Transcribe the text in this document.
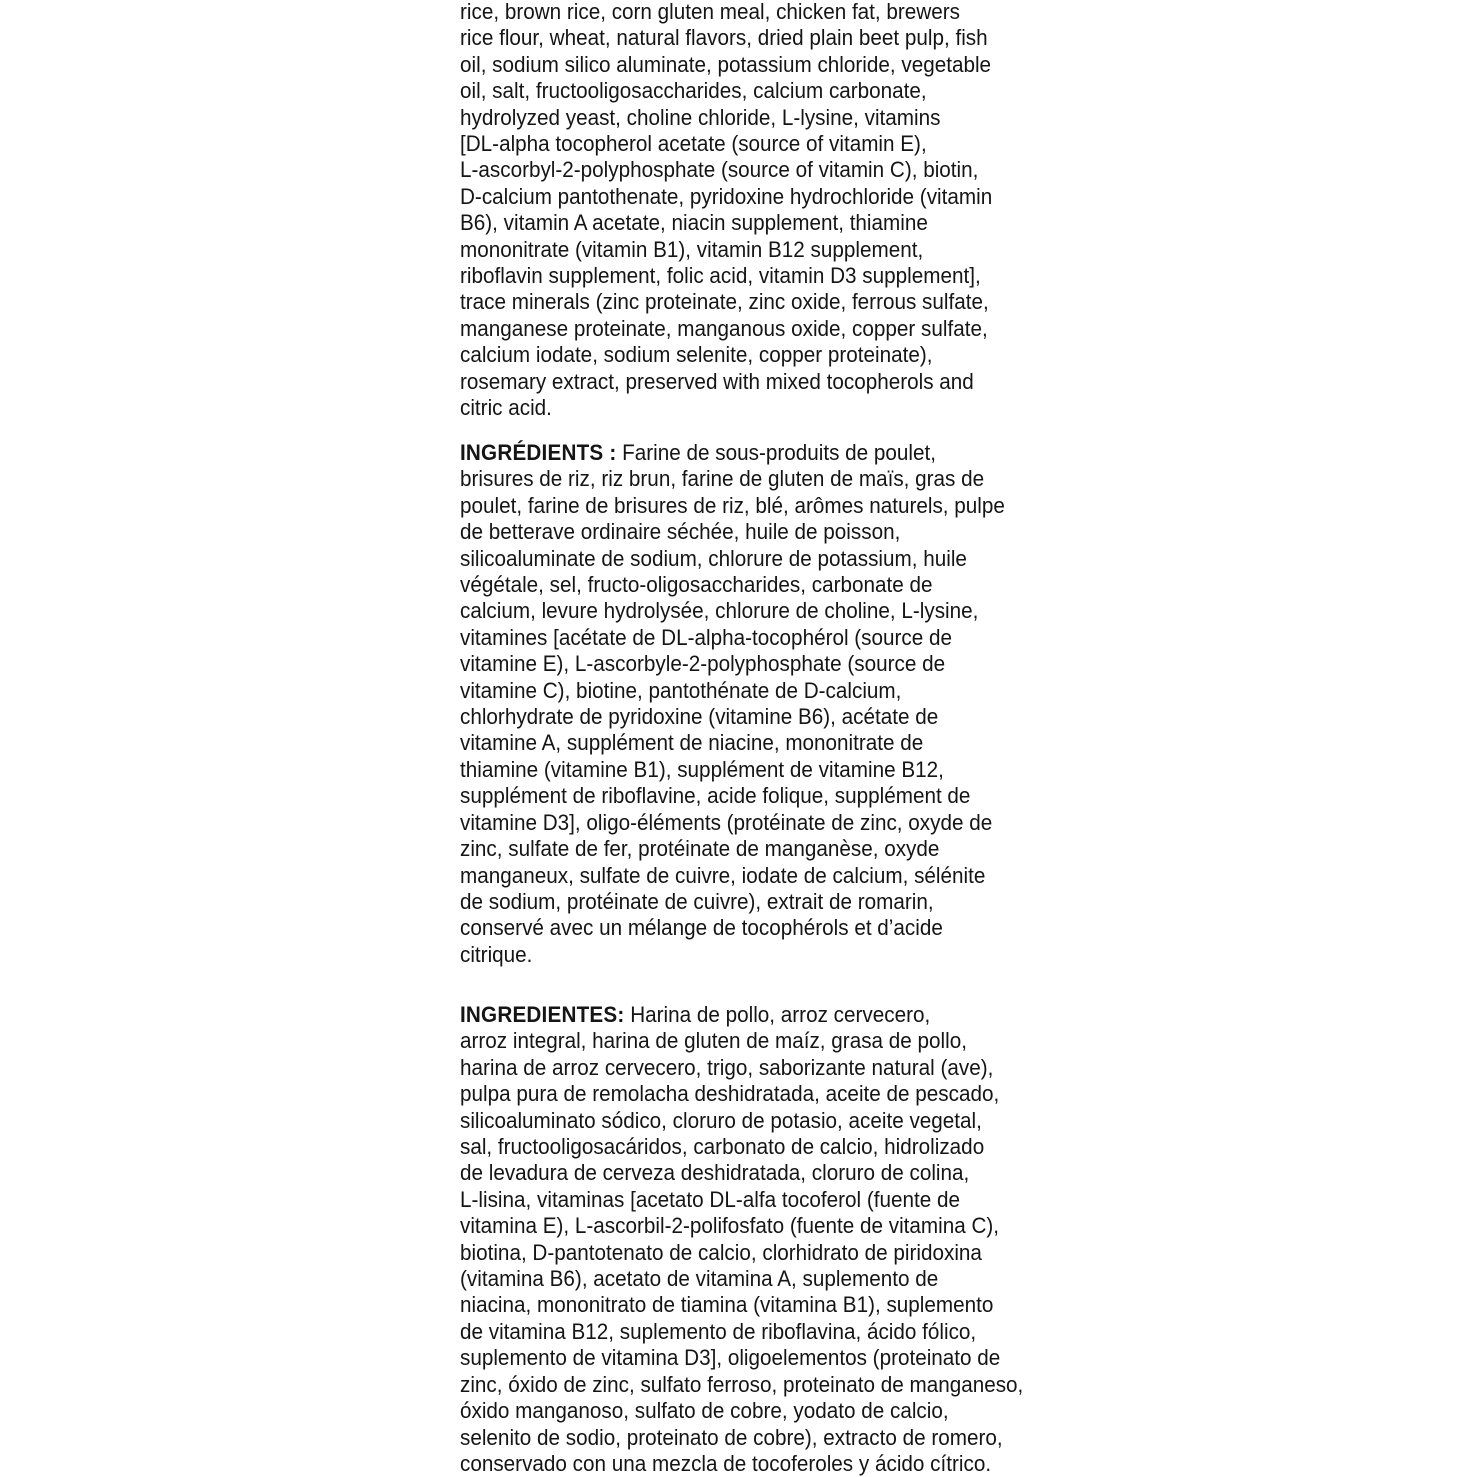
rice, brown rice, corn gluten meal, chicken fat, brewers
rice flour, wheat, natural flavors, dried plain beet pulp, fish
oil, sodium silico aluminate, potassium chloride, vegetable
oil, salt, fructooligosaccharides, calcium carbonate,
hydrolyzed yeast, choline chloride, L-lysine, vitamins
[DL-alpha tocopherol acetate (source of vitamin E),
L-ascorbyl-2-polyphosphate (source of vitamin C), biotin,
D-calcium pantothenate, pyridoxine hydrochloride (vitamin
B6), vitamin A acetate, niacin supplement, thiamine
mononitrate (vitamin B1), vitamin B12 supplement,
riboflavin supplement, folic acid, vitamin D3 supplement],
trace minerals (zinc proteinate, zinc oxide, ferrous sulfate,
manganese proteinate, manganous oxide, copper sulfate,
calcium iodate, sodium selenite, copper proteinate),
rosemary extract, preserved with mixed tocopherols and
citric acid.
INGRÉDIENTS : Farine de sous-produits de poulet,
brisures de riz, riz brun, farine de gluten de maïs, gras de
poulet, farine de brisures de riz, blé, arômes naturels, pulpe
de betterave ordinaire séchée, huile de poisson,
silicoaluminate de sodium, chlorure de potassium, huile
végétale, sel, fructo-oligosaccharides, carbonate de
calcium, levure hydrolysée, chlorure de choline, L-lysine,
vitamines [acétate de DL-alpha-tocophérol (source de
vitamine E), L-ascorbyle-2-polyphosphate (source de
vitamine C), biotine, pantothénate de D-calcium,
chlorhydrate de pyridoxine (vitamine B6), acétate de
vitamine A, supplément de niacine, mononitrate de
thiamine (vitamine B1), supplément de vitamine B12,
supplément de riboflavine, acide folique, supplément de
vitamine D3], oligo-éléments (protéinate de zinc, oxyde de
zinc, sulfate de fer, protéinate de manganèse, oxyde
manganeux, sulfate de cuivre, iodate de calcium, sélénite
de sodium, protéinate de cuivre), extrait de romarin,
conservé avec un mélange de tocophérols et d’acide
citrique.
INGREDIENTES: Harina de pollo, arroz cervecero,
arroz integral, harina de gluten de maíz, grasa de pollo,
harina de arroz cervecero, trigo, saborizante natural (ave),
pulpa pura de remolacha deshidratada, aceite de pescado,
silicoaluminato sódico, cloruro de potasio, aceite vegetal,
sal, fructooligosacáridos, carbonato de calcio, hidrolizado
de levadura de cerveza deshidratada, cloruro de colina,
L-lisina, vitaminas [acetato DL-alfa tocoferol (fuente de
vitamina E), L-ascorbil-2-polifosfato (fuente de vitamina C),
biotina, D-pantotenato de calcio, clorhidrato de piridoxina
(vitamina B6), acetato de vitamina A, suplemento de
niacina, mononitrato de tiamina (vitamina B1), suplemento
de vitamina B12, suplemento de riboflavina, ácido fólico,
suplemento de vitamina D3], oligoelementos (proteinato de
zinc, óxido de zinc, sulfato ferroso, proteinato de manganeso,
óxido manganoso, sulfato de cobre, yodato de calcio,
selenito de sodio, proteinato de cobre), extracto de romero,
conservado con una mezcla de tocoferoles y ácido cítrico.
